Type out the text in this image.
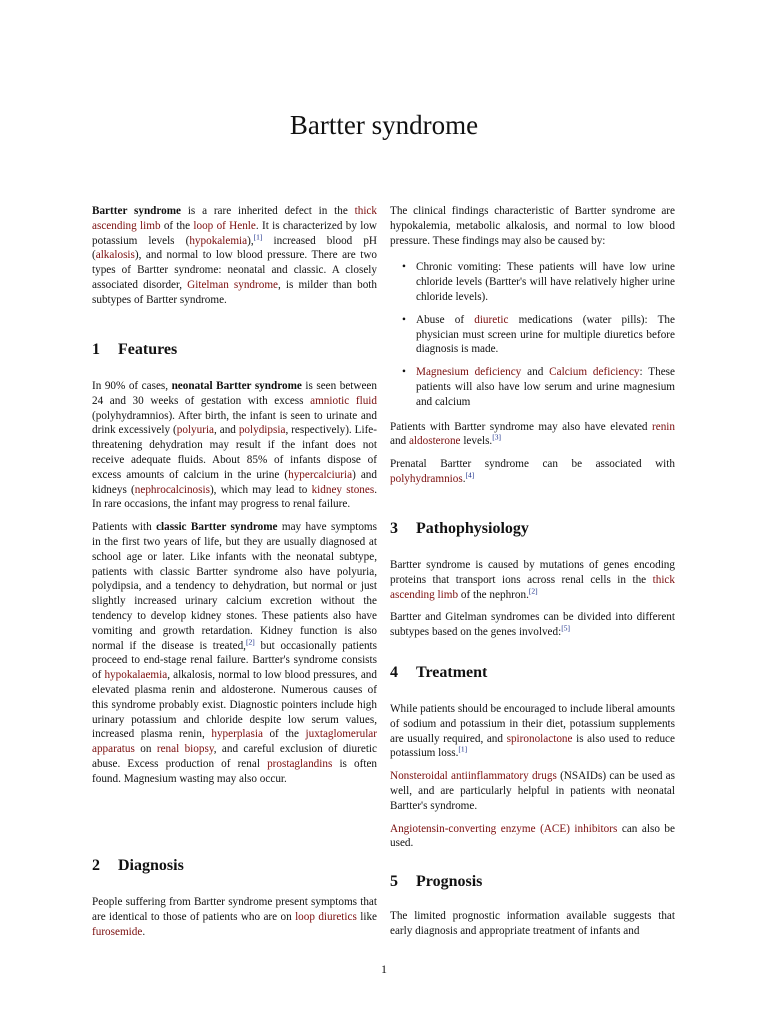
Bartter syndrome

Bartter syndrome is a rare inherited defect in the thick ascending limb of the loop of Henle. It is characterized by low potassium levels (hypokalemia),[1] increased blood pH (alkalosis), and normal to low blood pressure. There are two types of Bartter syndrome: neonatal and classic. A closely associated disorder, Gitelman syndrome, is milder than both subtypes of Bartter syndrome.

1 Features

In 90% of cases, neonatal Bartter syndrome is seen between 24 and 30 weeks of gestation with excess amniotic fluid (polyhydramnios). After birth, the infant is seen to urinate and drink excessively (polyuria, and polydipsia, respectively). Life-threatening dehydration may result if the infant does not receive adequate fluids. About 85% of infants dispose of excess amounts of calcium in the urine (hypercalciuria) and kidneys (nephrocalcinosis), which may lead to kidney stones. In rare occasions, the infant may progress to renal failure.

Patients with classic Bartter syndrome may have symptoms in the first two years of life, but they are usually diagnosed at school age or later. Like infants with the neonatal subtype, patients with classic Bartter syndrome also have polyuria, polydipsia, and a tendency to dehydration, but normal or just slightly increased urinary calcium excretion without the tendency to develop kidney stones. These patients also have vomiting and growth retardation. Kidney function is also normal if the disease is treated,[2] but occasionally patients proceed to end-stage renal failure. Bartter's syndrome consists of hypokalaemia, alkalosis, normal to low blood pressures, and elevated plasma renin and aldosterone. Numerous causes of this syndrome probably exist. Diagnostic pointers include high urinary potassium and chloride despite low serum values, increased plasma renin, hyperplasia of the juxtaglomerular apparatus on renal biopsy, and careful exclusion of diuretic abuse. Excess production of renal prostaglandins is often found. Magnesium wasting may also occur.

2 Diagnosis

People suffering from Bartter syndrome present symptoms that are identical to those of patients who are on loop diuretics like furosemide.

The clinical findings characteristic of Bartter syndrome are hypokalemia, metabolic alkalosis, and normal to low blood pressure. These findings may also be caused by:

• Chronic vomiting: These patients will have low urine chloride levels (Bartter's will have relatively higher urine chloride levels).
• Abuse of diuretic medications (water pills): The physician must screen urine for multiple diuretics before diagnosis is made.
• Magnesium deficiency and Calcium deficiency: These patients will also have low serum and urine magnesium and calcium

Patients with Bartter syndrome may also have elevated renin and aldosterone levels.[3]

Prenatal Bartter syndrome can be associated with polyhydramnios.[4]

3 Pathophysiology

Bartter syndrome is caused by mutations of genes encoding proteins that transport ions across renal cells in the thick ascending limb of the nephron.[2]

Bartter and Gitelman syndromes can be divided into different subtypes based on the genes involved:[5]

4 Treatment

While patients should be encouraged to include liberal amounts of sodium and potassium in their diet, potassium supplements are usually required, and spironolactone is also used to reduce potassium loss.[1]

Nonsteroidal antiinflammatory drugs (NSAIDs) can be used as well, and are particularly helpful in patients with neonatal Bartter's syndrome.

Angiotensin-converting enzyme (ACE) inhibitors can also be used.

5 Prognosis

The limited prognostic information available suggests that early diagnosis and appropriate treatment of infants and

1
